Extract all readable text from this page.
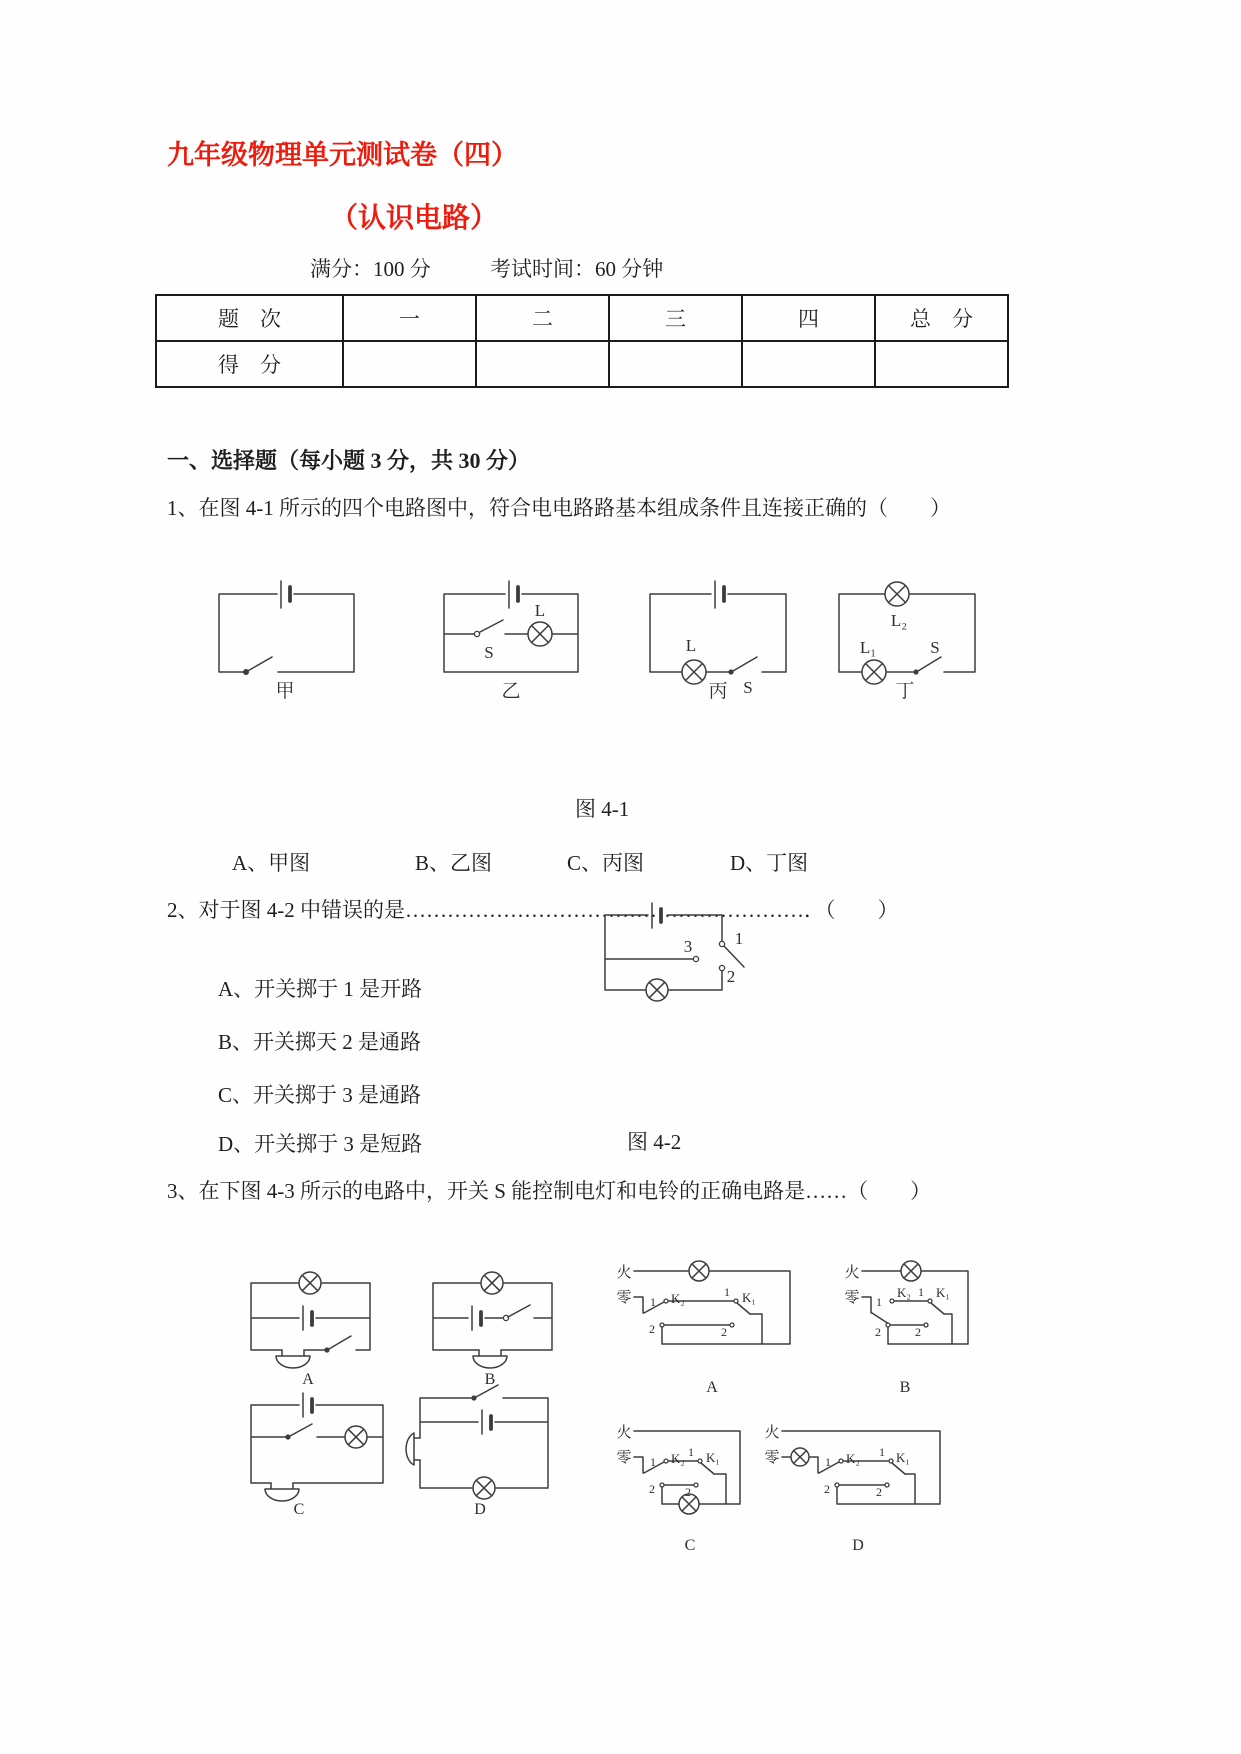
九年级物理单元测试卷（四）
（认识电路）
满分：100 分	考试时间：60 分钟
题　次	一	二	三	四	总　分
得　分					
一、选择题（每小题 3 分，共 30 分）
1、在图 4-1 所示的四个电路图中，符合电电路路基本组成条件且连接正确的（　　）
甲
S
L
乙
L
S
丙
L₂
L₁	S
丁
图 4-1
A、甲图	B、乙图	C、丙图	D、丁图
2、对于图 4-2 中错误的是…………………………………………………．（　　）
3	1
2
A、开关掷于 1 是开路
B、开关掷天 2 是通路
C、开关掷于 3 是通路
D、开关掷于 3 是短路	图 4-2
3、在下图 4-3 所示的电路中，开关 S 能控制电灯和电铃的正确电路是……（　　）
A	B
C	D
火
零 1
2
K₂	1
2
K₁
A
火
零 1
2
K₂ 1
2
K₁
B
火
零 1
2
K₂ 1
2
K₁
C
火
零	1
2
K₂ 1
2
K₁
D
